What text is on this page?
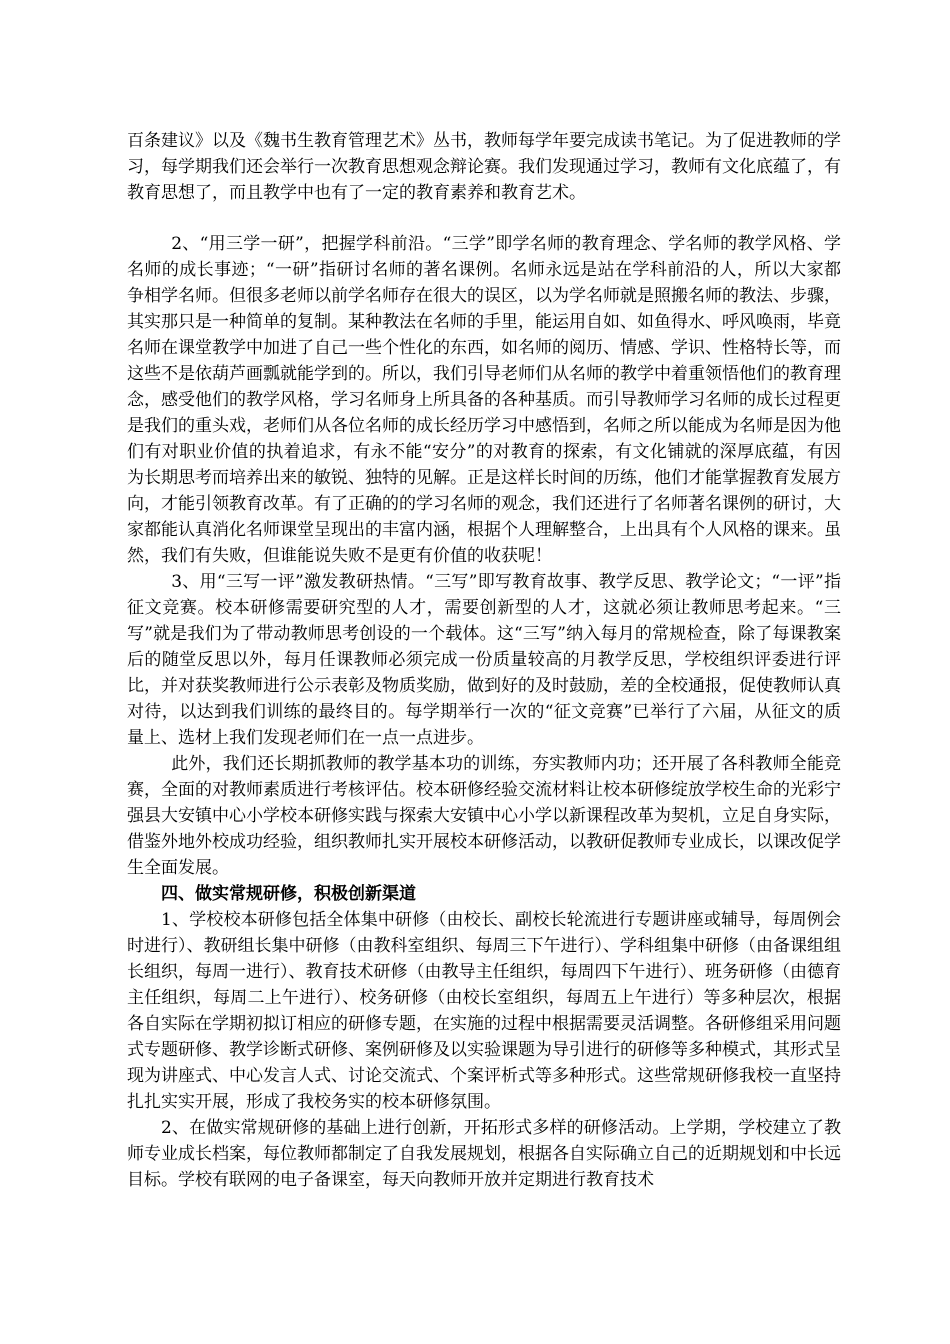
百条建议》以及《魏书生教育管理艺术》丛书，教师每学年要完成读书笔记。为了促进教师的学习，每学期我们还会举行一次教育思想观念辩论赛。我们发现通过学习，教师有文化底蕴了，有教育思想了，而且教学中也有了一定的教育素养和教育艺术。

2、“用三学一研”，把握学科前沿。“三学”即学名师的教育理念、学名师的教学风格、学名师的成长事迹；“一研”指研讨名师的著名课例。名师永远是站在学科前沿的人，所以大家都争相学名师。但很多老师以前学名师存在很大的误区，以为学名师就是照搬名师的教法、步骤，其实那只是一种简单的复制。某种教法在名师的手里，能运用自如、如鱼得水、呼风唤雨，毕竟名师在课堂教学中加进了自己一些个性化的东西，如名师的阅历、情感、学识、性格特长等，而这些不是依葫芦画瓢就能学到的。所以，我们引导老师们从名师的教学中着重领悟他们的教育理念，感受他们的教学风格，学习名师身上所具备的各种基质。而引导教师学习名师的成长过程更是我们的重头戏，老师们从各位名师的成长经历学习中感悟到，名师之所以能成为名师是因为他们有对职业价值的执着追求，有永不能“安分”的对教育的探索，有文化铺就的深厚底蕴，有因为长期思考而培养出来的敏锐、独特的见解。正是这样长时间的历练，他们才能掌握教育发展方向，才能引领教育改革。有了正确的的学习名师的观念，我们还进行了名师著名课例的研讨，大家都能认真消化名师课堂呈现出的丰富内涵，根据个人理解整合，上出具有个人风格的课来。虽然，我们有失败，但谁能说失败不是更有价值的收获呢！

3、用“三写一评”激发教研热情。“三写”即写教育故事、教学反思、教学论文；“一评”指征文竞赛。校本研修需要研究型的人才，需要创新型的人才，这就必须让教师思考起来。“三写”就是我们为了带动教师思考创设的一个载体。这“三写”纳入每月的常规检查，除了每课教案后的随堂反思以外，每月任课教师必须完成一份质量较高的月教学反思，学校组织评委进行评比，并对获奖教师进行公示表彰及物质奖励，做到好的及时鼓励，差的全校通报，促使教师认真对待，以达到我们训练的最终目的。每学期举行一次的“征文竞赛”已举行了六届，从征文的质量上、选材上我们发现老师们在一点一点进步。

此外，我们还长期抓教师的教学基本功的训练，夯实教师内功；还开展了各科教师全能竞赛，全面的对教师素质进行考核评估。校本研修经验交流材料让校本研修绽放学校生命的光彩宁强县大安镇中心小学校本研修实践与探索大安镇中心小学以新课程改革为契机，立足自身实际，借鉴外地外校成功经验，组织教师扎实开展校本研修活动，以教研促教师专业成长，以课改促学生全面发展。

四、做实常规研修，积极创新渠道

1、学校校本研修包括全体集中研修（由校长、副校长轮流进行专题讲座或辅导，每周例会时进行）、教研组长集中研修（由教科室组织、每周三下午进行）、学科组集中研修（由备课组组长组织，每周一进行）、教育技术研修（由教导主任组织，每周四下午进行）、班务研修（由德育主任组织，每周二上午进行）、校务研修（由校长室组织，每周五上午进行）等多种层次，根据各自实际在学期初拟订相应的研修专题，在实施的过程中根据需要灵活调整。各研修组采用问题式专题研修、教学诊断式研修、案例研修及以实验课题为导引进行的研修等多种模式，其形式呈现为讲座式、中心发言人式、讨论交流式、个案评析式等多种形式。这些常规研修我校一直坚持扎扎实实开展，形成了我校务实的校本研修氛围。

2、在做实常规研修的基础上进行创新，开拓形式多样的研修活动。上学期，学校建立了教师专业成长档案，每位教师都制定了自我发展规划，根据各自实际确立自己的近期规划和中长远目标。学校有联网的电子备课室，每天向教师开放并定期进行教育技术
